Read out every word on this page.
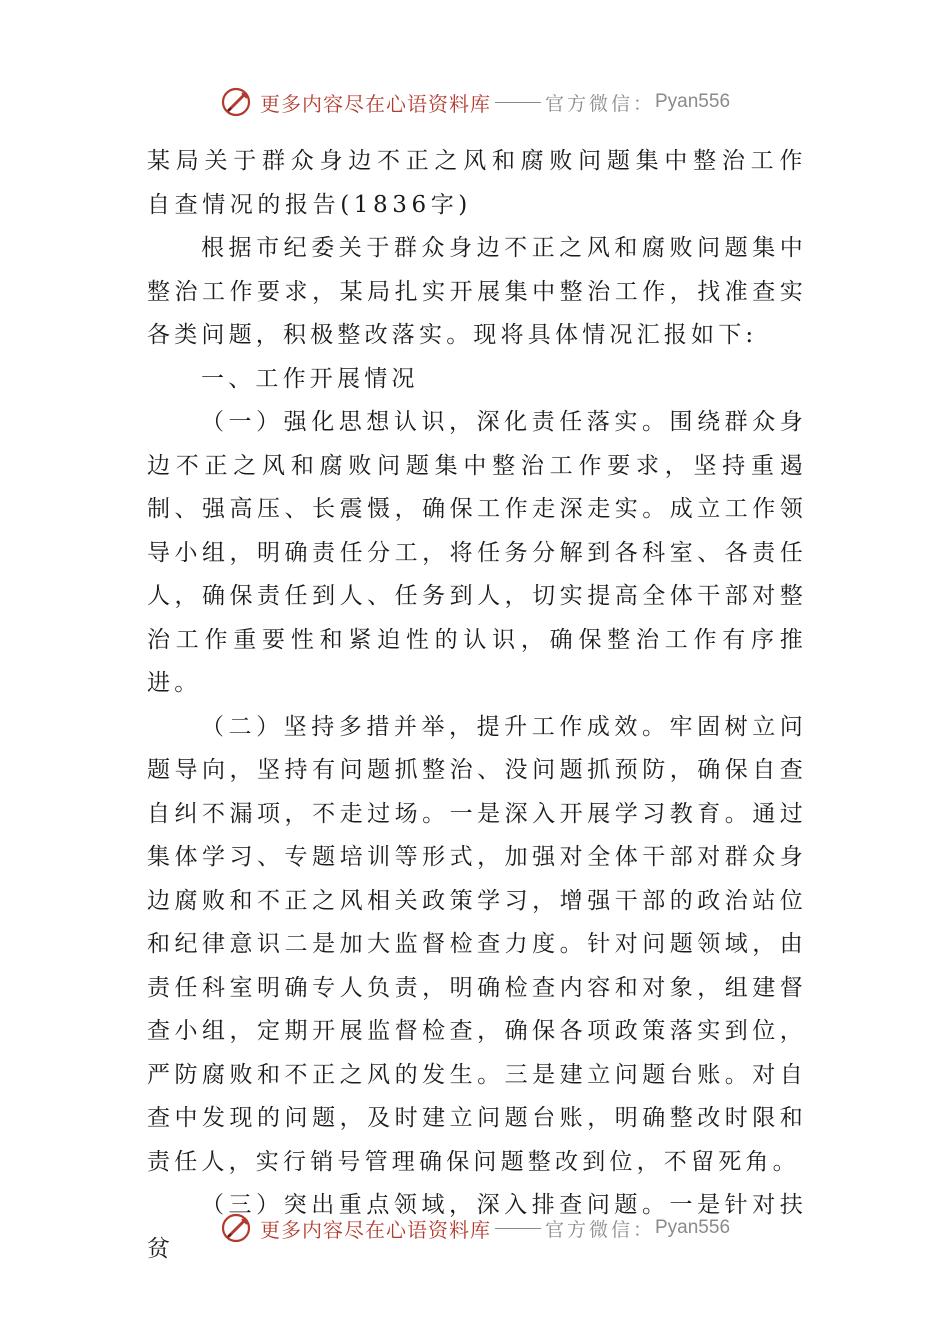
更多内容尽在心语资料库	官方微信： Pyan556

某局关于群众身边不正之风和腐败问题集中整治工作自查情况的报告(1836字)

根据市纪委关于群众身边不正之风和腐败问题集中整治工作要求，某局扎实开展集中整治工作，找准查实各类问题，积极整改落实。现将具体情况汇报如下:

一、工作开展情况

（一）强化思想认识，深化责任落实。围绕群众身边不正之风和腐败问题集中整治工作要求，坚持重遏制、强高压、长震慑，确保工作走深走实。成立工作领导小组，明确责任分工，将任务分解到各科室、各责任人，确保责任到人、任务到人，切实提高全体干部对整治工作重要性和紧迫性的认识，确保整治工作有序推进。

（二）坚持多措并举，提升工作成效。牢固树立问题导向，坚持有问题抓整治、没问题抓预防，确保自查自纠不漏项，不走过场。一是深入开展学习教育。通过集体学习、专题培训等形式，加强对全体干部对群众身边腐败和不正之风相关政策学习，增强干部的政治站位和纪律意识二是加大监督检查力度。针对问题领域，由责任科室明确专人负责，明确检查内容和对象，组建督查小组，定期开展监督检查，确保各项政策落实到位，严防腐败和不正之风的发生。三是建立问题台账。对自查中发现的问题，及时建立问题台账，明确整改时限和责任人，实行销号管理确保问题整改到位，不留死角。

（三）突出重点领域，深入排查问题。一是针对扶贫

更多内容尽在心语资料库	官方微信： Pyan556
